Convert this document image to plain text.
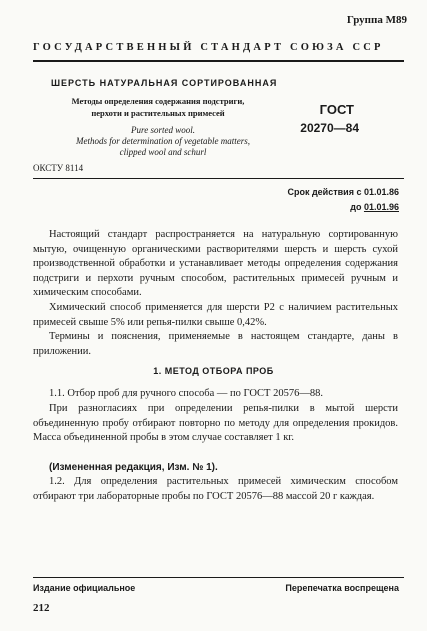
Группа М89
ГОСУДАРСТВЕННЫЙ СТАНДАРТ СОЮЗА ССР
ШЕРСТЬ НАТУРАЛЬНАЯ СОРТИРОВАННАЯ
Методы определения содержания подстриги,
перхоти и растительных примесей
Pure sorted wool.
Methods for determination of vegetable matters,
clipped wool and schurl
ГОСТ
20270—84
ОКСТУ 8114
Срок действия с 01.01.86
до 01.01.96
Настоящий стандарт распространяется на натуральную сортированную мытую, очищенную органическими растворителями шерсть и шерсть сухой производственной обработки и устанавливает методы определения содержания подстриги и перхоти ручным способом, растительных примесей ручным и химическим способами.
Химический способ применяется для шерсти Р2 с наличием растительных примесей свыше 5% или репья-пилки свыше 0,42%.
Термины и пояснения, применяемые в настоящем стандарте, даны в приложении.
1. МЕТОД ОТБОРА ПРОБ
1.1. Отбор проб для ручного способа — по ГОСТ 20576—88.
При разногласиях при определении репья-пилки в мытой шерсти объединенную пробу отбирают повторно по методу для определения прокидов. Масса объединенной пробы в этом случае составляет 1 кг.
(Измененная редакция, Изм. № 1).
1.2. Для определения растительных примесей химическим способом отбирают три лабораторные пробы по ГОСТ 20576—88 массой 20 г каждая.
Издание официальное	Перепечатка воспрещена
212
